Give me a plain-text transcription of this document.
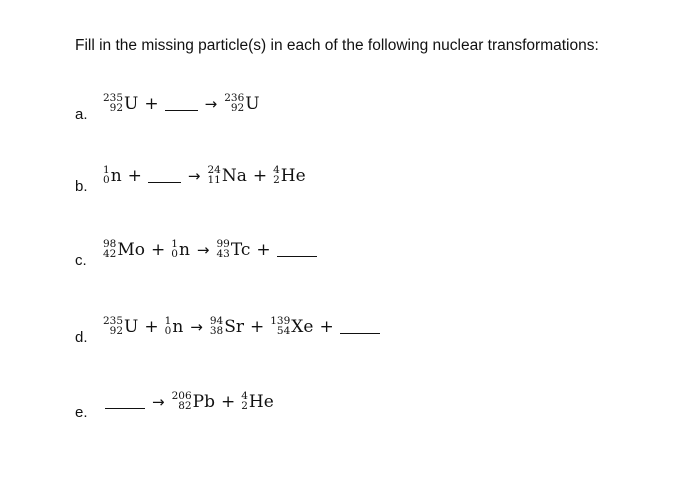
Fill in the missing particle(s) in each of the following nuclear transformations:
a.
235
92 U +	→ 236
92 U
b.
1
0 n +	→ 24
11 Na + 4
2 He
c.
98
42 Mo + 1
0 n → 99
43 Tc +
d.
235
92 U + 1
0 n → 94
38 Sr + 139
54 Xe +
e.
→ 206
82 Pb + 4
2 He
